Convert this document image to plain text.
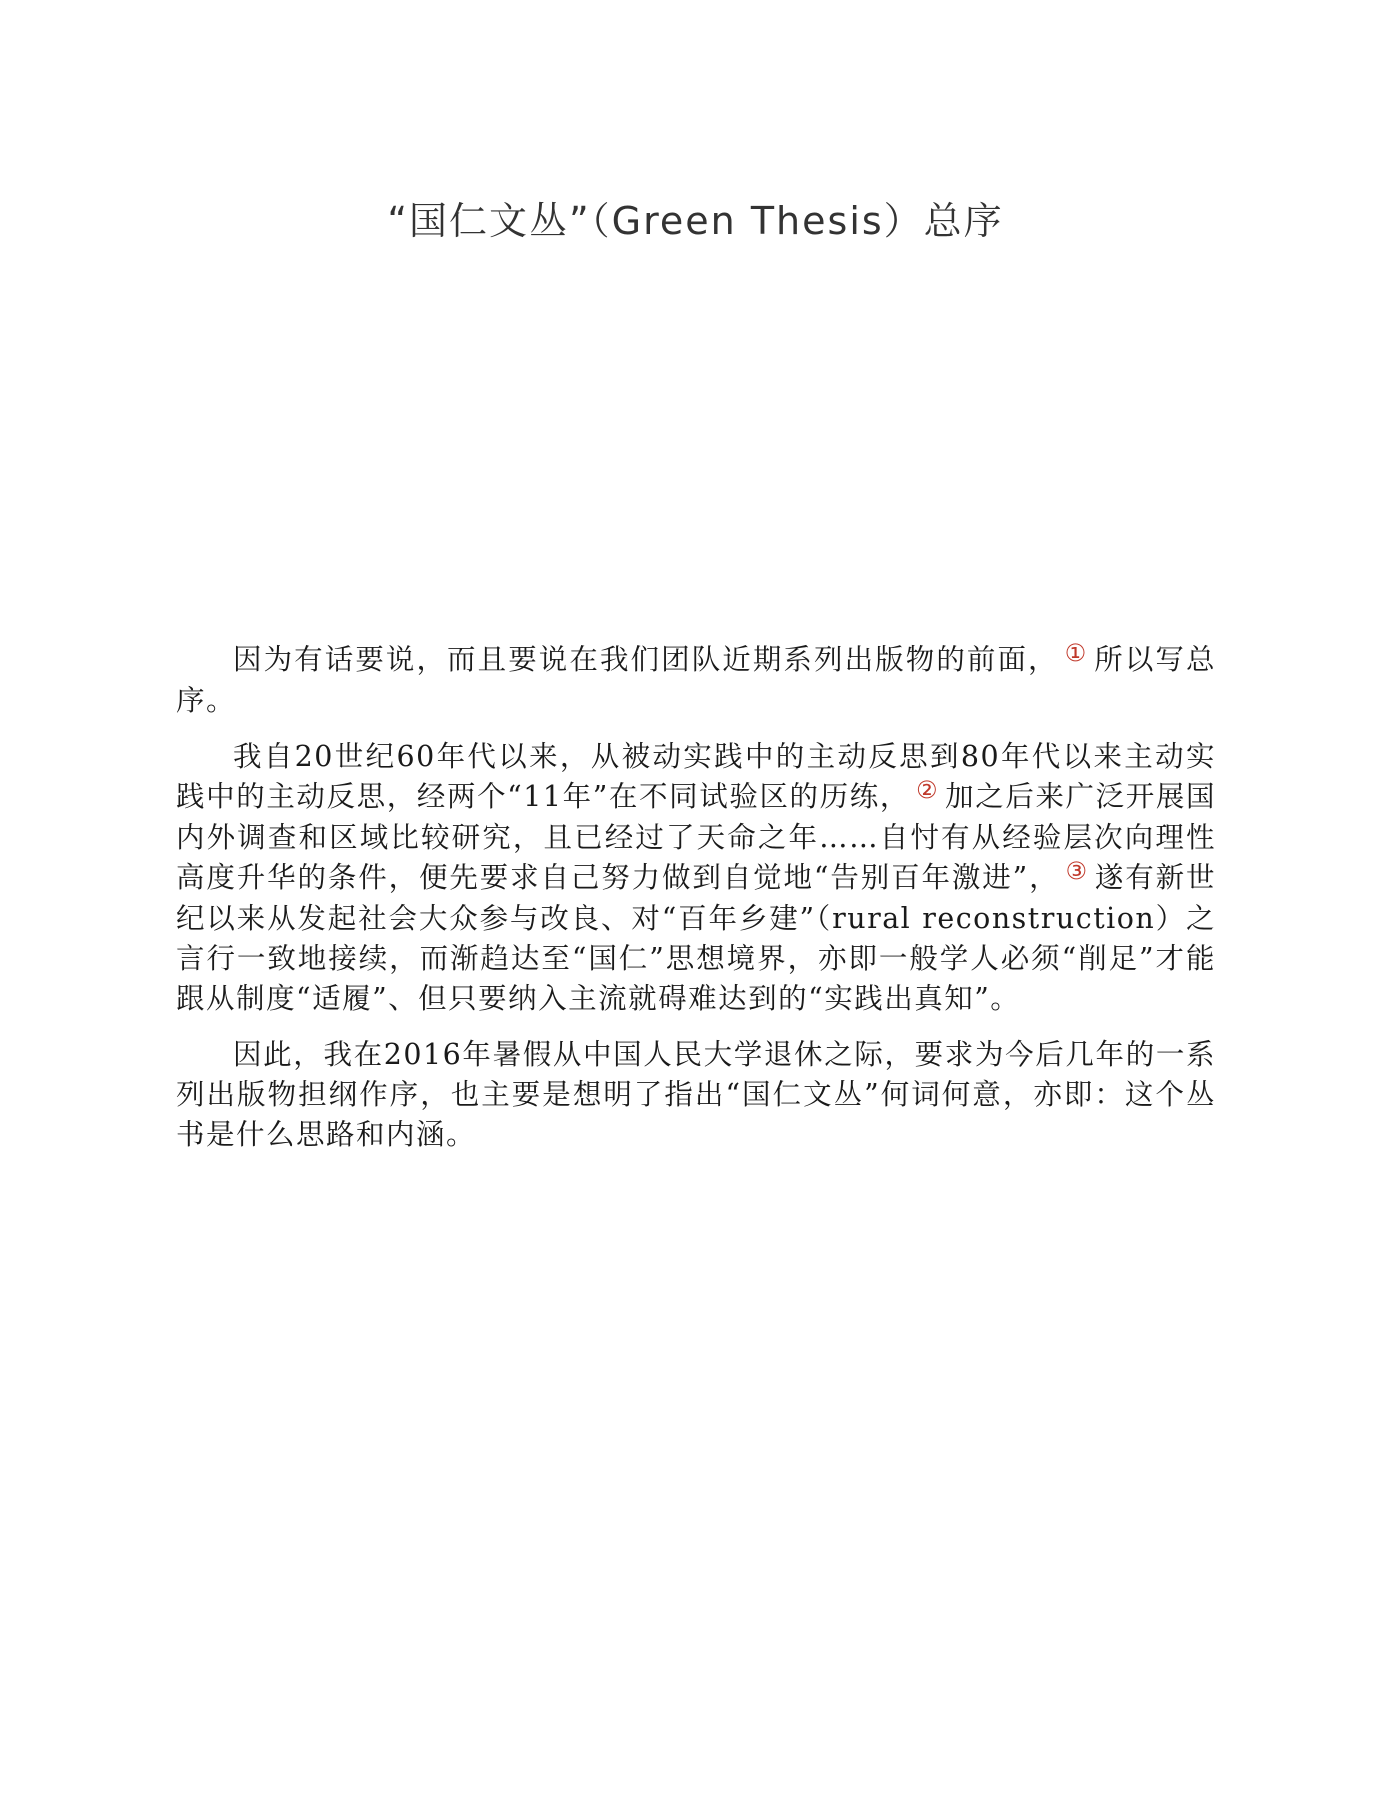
“国仁文丛”（Green Thesis）总序

因为有话要说，而且要说在我们团队近期系列出版物的前面， ① 所以写总序。

我自20世纪60年代以来，从被动实践中的主动反思到80年代以来主动实践中的主动反思，经两个“11年”在不同试验区的历练， ② 加之后来广泛开展国内外调查和区域比较研究，且已经过了天命之年……自忖有从经验层次向理性高度升华的条件，便先要求自己努力做到自觉地“告别百年激进”， ③ 遂有新世纪以来从发起社会大众参与改良、对“百年乡建”（rural reconstruction）之言行一致地接续，而渐趋达至“国仁”思想境界，亦即一般学人必须“削足”才能跟从制度“适履”、但只要纳入主流就碍难达到的“实践出真知”。

因此，我在2016年暑假从中国人民大学退休之际，要求为今后几年的一系列出版物担纲作序，也主要是想明了指出“国仁文丛”何词何意，亦即：这个丛书是什么思路和内涵。
